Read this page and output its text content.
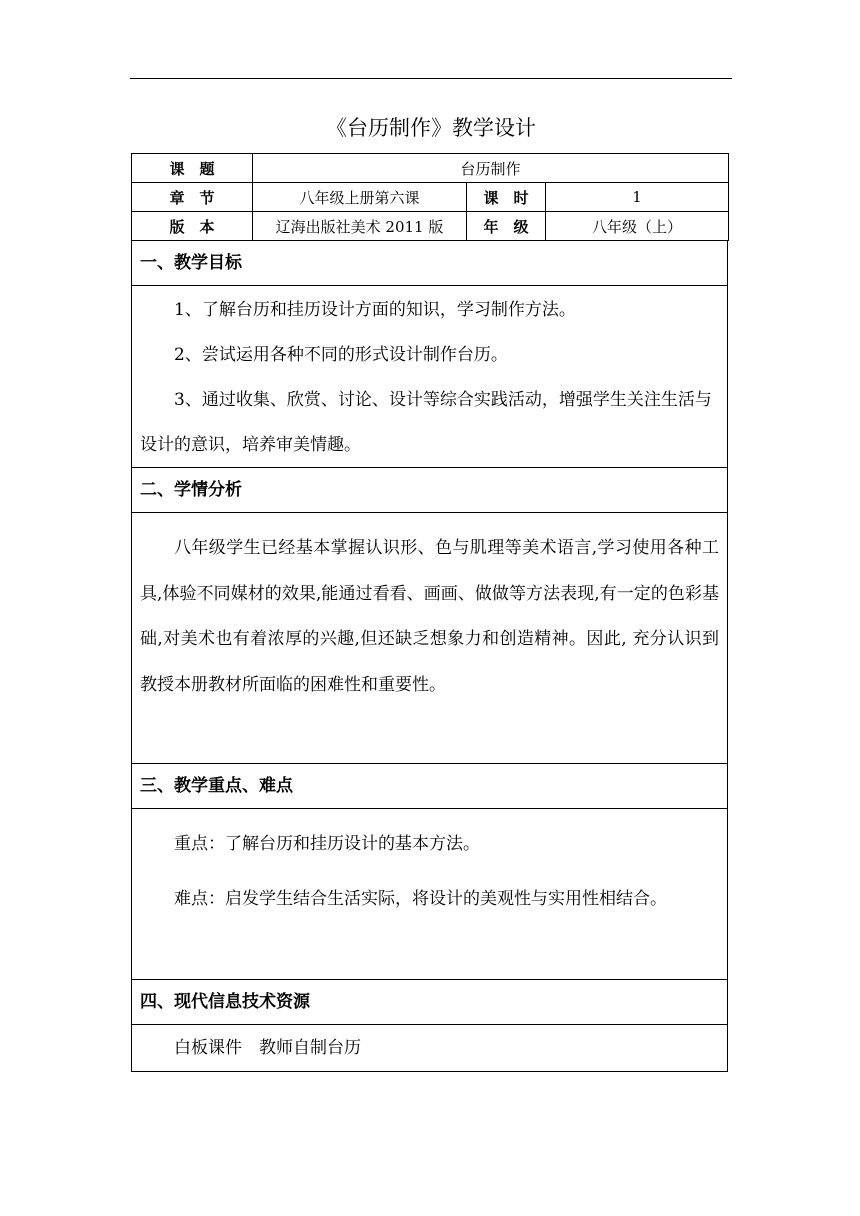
《台历制作》教学设计
课　题	台历制作		
章　节	八年级上册第六课	课　时	1
版　本	辽海出版社美术 2011 版	年　级	八年级（上）
一、教学目标

1、了解台历和挂历设计方面的知识，学习制作方法。

2、尝试运用各种不同的形式设计制作台历。

3、通过收集、欣赏、讨论、设计等综合实践活动，增强学生关注生活与设计的意识，培养审美情趣。

二、学情分析

八年级学生已经基本掌握认识形、色与肌理等美术语言,学习使用各种工具,体验不同媒材的效果,能通过看看、画画、做做等方法表现,有一定的色彩基础,对美术也有着浓厚的兴趣,但还缺乏想象力和创造精神。因此, 充分认识到教授本册教材所面临的困难性和重要性。

三、教学重点、难点

重点：了解台历和挂历设计的基本方法。

难点：启发学生结合生活实际，将设计的美观性与实用性相结合。

四、现代信息技术资源

白板课件　教师自制台历
